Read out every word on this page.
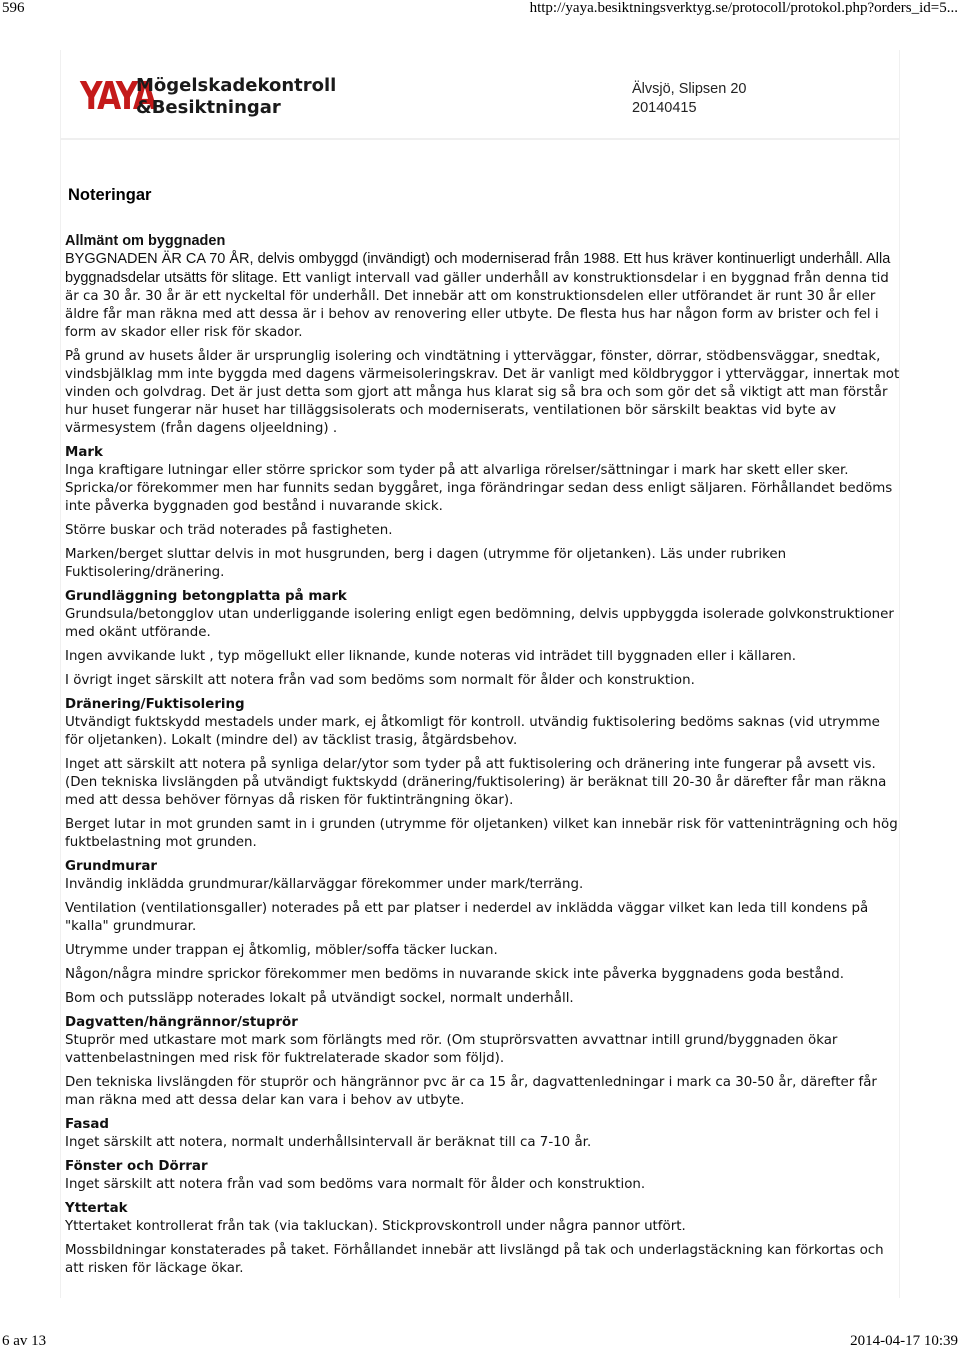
596	http://yaya.besiktningsverktyg.se/protocoll/protokol.php?orders_id=5...
YAYA
Mögelskadekontroll
&Besiktningar
Älvsjö, Slipsen 20
20140415
Noteringar
Allmänt om byggnaden

BYGGNADEN ÄR CA 70 ÅR, delvis ombyggd (invändigt) och moderniserad från 1988. Ett hus kräver kontinuerligt underhåll. Alla byggnadsdelar utsätts för slitage. Ett vanligt intervall vad gäller underhåll av konstruktionsdelar i en byggnad från denna tid är ca 30 år. 30 år är ett nyckeltal för underhåll. Det innebär att om konstruktionsdelen eller utförandet är runt 30 år eller äldre får man räkna med att dessa är i behov av renovering eller utbyte. De flesta hus har någon form av brister och fel i form av skador eller risk för skador.

På grund av husets ålder är ursprunglig isolering och vindtätning i ytterväggar, fönster, dörrar, stödbensväggar, snedtak, vindsbjälklag mm inte byggda med dagens värmeisoleringskrav. Det är vanligt med köldbryggor i ytterväggar, innertak mot vinden och golvdrag. Det är just detta som gjort att många hus klarat sig så bra och som gör det så viktigt att man förstår hur huset fungerar när huset har tilläggsisolerats och moderniserats, ventilationen bör särskilt beaktas vid byte av värmesystem (från dagens oljeeldning) .

Mark

Inga kraftigare lutningar eller större sprickor som tyder på att alvarliga rörelser/sättningar i mark har skett eller sker. Spricka/or förekommer men har funnits sedan byggåret, inga förändringar sedan dess enligt säljaren. Förhållandet bedöms inte påverka byggnaden god bestånd i nuvarande skick.

Större buskar och träd noterades på fastigheten.

Marken/berget sluttar delvis in mot husgrunden, berg i dagen (utrymme för oljetanken). Läs under rubriken Fuktisolering/dränering.

Grundläggning betongplatta på mark

Grundsula/betongglov utan underliggande isolering enligt egen bedömning, delvis uppbyggda isolerade golvkonstruktioner med okänt utförande.

Ingen avvikande lukt , typ mögellukt eller liknande, kunde noteras vid inträdet till byggnaden eller i källaren.

I övrigt inget särskilt att notera från vad som bedöms som normalt för ålder och konstruktion.

Dränering/Fuktisolering

Utvändigt fuktskydd mestadels under mark, ej åtkomligt för kontroll. utvändig fuktisolering bedöms saknas (vid utrymme för oljetanken). Lokalt (mindre del) av täcklist trasig, åtgärdsbehov.

Inget att särskilt att notera på synliga delar/ytor som tyder på att fuktisolering och dränering inte fungerar på avsett vis. (Den tekniska livslängden på utvändigt fuktskydd (dränering/fuktisolering) är beräknat till 20-30 år därefter får man räkna med att dessa behöver förnyas då risken för fuktinträngning ökar).

Berget lutar in mot grunden samt in i grunden (utrymme för oljetanken) vilket kan innebär risk för vatteninträgning och hög fuktbelastning mot grunden.

Grundmurar

Invändig inklädda grundmurar/källarväggar förekommer under mark/terräng.

Ventilation (ventilationsgaller) noterades på ett par platser i nederdel av inklädda väggar vilket kan leda till kondens på "kalla" grundmurar.

Utrymme under trappan ej åtkomlig, möbler/soffa täcker luckan.

Någon/några mindre sprickor förekommer men bedöms in nuvarande skick inte påverka byggnadens goda bestånd.

Bom och putssläpp noterades lokalt på utvändigt sockel, normalt underhåll.

Dagvatten/hängrännor/stuprör

Stuprör med utkastare mot mark som förlängts med rör. (Om stuprörsvatten avvattnar intill grund/byggnaden ökar vattenbelastningen med risk för fuktrelaterade skador som följd).

Den tekniska livslängden för stuprör och hängrännor pvc är ca 15 år, dagvattenledningar i mark ca 30-50 år, därefter får man räkna med att dessa delar kan vara i behov av utbyte.

Fasad

Inget särskilt att notera, normalt underhållsintervall är beräknat till ca 7-10 år.

Fönster och Dörrar

Inget särskilt att notera från vad som bedöms vara normalt för ålder och konstruktion.

Yttertak

Yttertaket kontrollerat från tak (via takluckan). Stickprovskontroll under några pannor utfört.

Mossbildningar konstaterades på taket. Förhållandet innebär att livslängd på tak och underlagstäckning kan förkortas och att risken för läckage ökar.

6 av 13	2014-04-17 10:39
